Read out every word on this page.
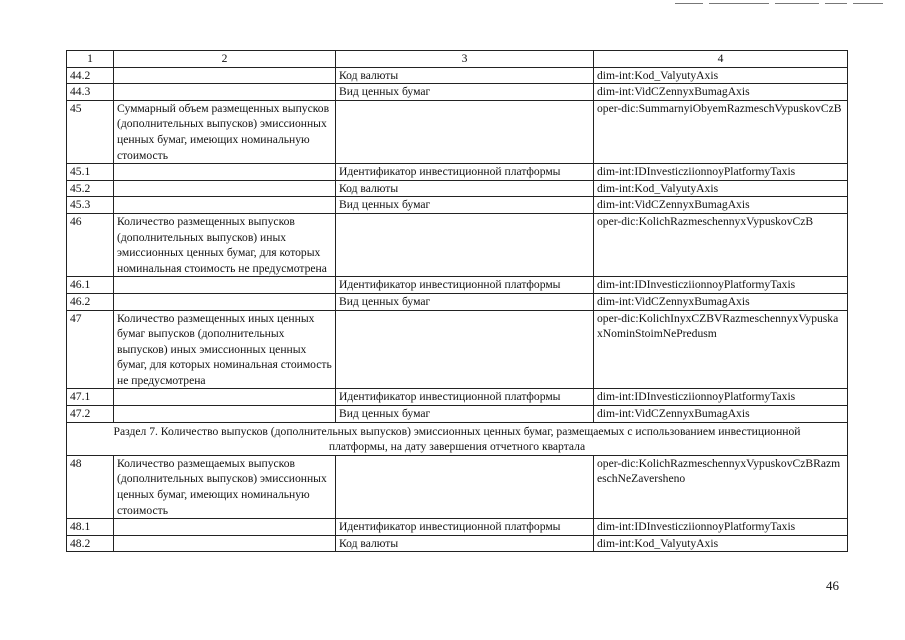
1	2	3	4
44.2		Код валюты	dim-int:Kod_ValyutyAxis
44.3		Вид ценных бумаг	dim-int:VidCZennyxBumagAxis
45	Суммарный объем размещенных выпусков (дополнительных выпусков) эмиссионных ценных бумаг, имеющих номинальную стоимость		oper-dic:SummarnyiObyemRazmeschVypuskovCzB
45.1		Идентификатор инвестиционной платформы	dim-int:IDInvesticziionnoyPlatformyTaxis
45.2		Код валюты	dim-int:Kod_ValyutyAxis
45.3		Вид ценных бумаг	dim-int:VidCZennyxBumagAxis
46	Количество размещенных выпусков (дополнительных выпусков) иных эмиссионных ценных бумаг, для которых номинальная стоимость не предусмотрена		oper-dic:KolichRazmeschennyxVypuskovCzB
46.1		Идентификатор инвестиционной платформы	dim-int:IDInvesticziionnoyPlatformyTaxis
46.2		Вид ценных бумаг	dim-int:VidCZennyxBumagAxis
47	Количество размещенных иных ценных бумаг выпусков (дополнительных выпусков) иных эмиссионных ценных бумаг, для которых номинальная стоимость не предусмотрена		oper-dic:KolichInyxCZBVRazmeschennyxVypuskaxNominStoimNePredusm
47.1		Идентификатор инвестиционной платформы	dim-int:IDInvesticziionnoyPlatformyTaxis
47.2		Вид ценных бумаг	dim-int:VidCZennyxBumagAxis
Раздел 7. Количество выпусков (дополнительных выпусков) эмиссионных ценных бумаг, размещаемых с использованием инвестиционной платформы, на дату завершения отчетного квартала			
48	Количество размещаемых выпусков (дополнительных выпусков) эмиссионных ценных бумаг, имеющих номинальную стоимость		oper-dic:KolichRazmeschennyxVypuskovCzBRazmeschNeZaversheno
48.1		Идентификатор инвестиционной платформы	dim-int:IDInvesticziionnoyPlatformyTaxis
48.2		Код валюты	dim-int:Kod_ValyutyAxis
46
